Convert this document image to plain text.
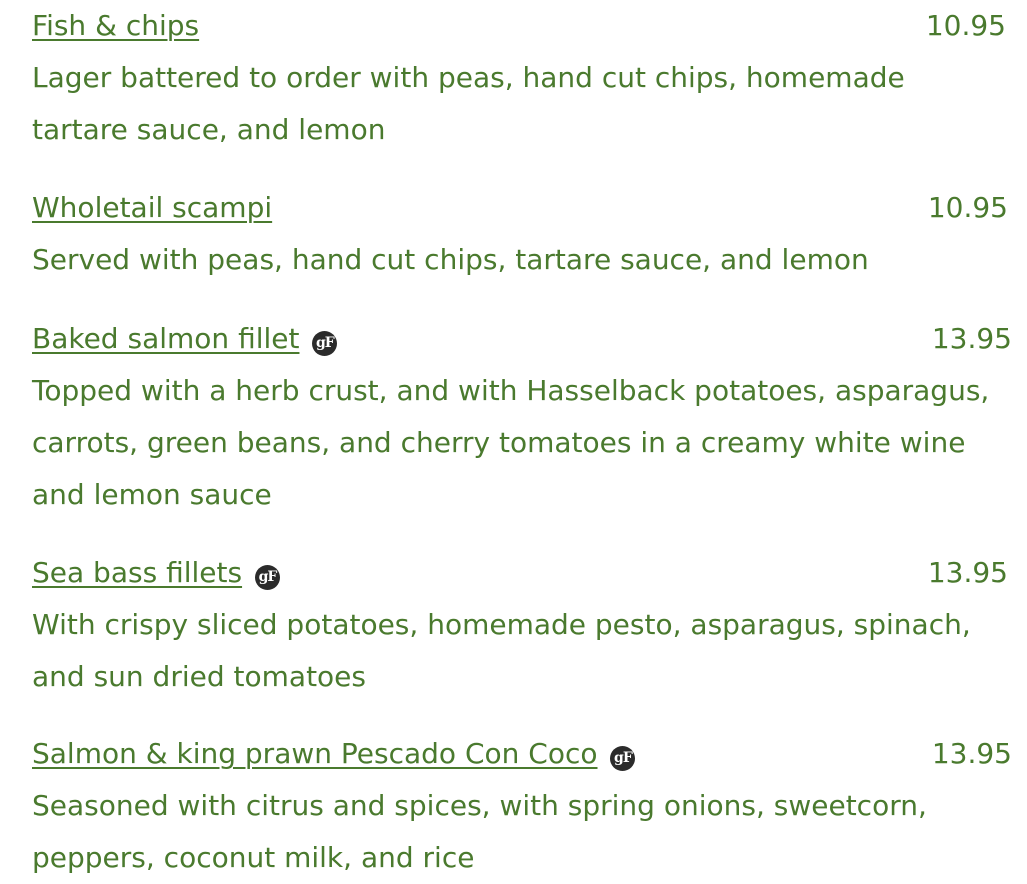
Fish & chips	10.95

Lager battered to order with peas, hand cut chips, homemade tartare sauce, and lemon

Wholetail scampi	10.95

Served with peas, hand cut chips, tartare sauce, and lemon

Baked salmon fillet gF	13.95

Topped with a herb crust, and with Hasselback potatoes, asparagus, carrots, green beans, and cherry tomatoes in a creamy white wine and lemon sauce

Sea bass fillets gF	13.95

With crispy sliced potatoes, homemade pesto, asparagus, spinach, and sun dried tomatoes

Salmon & king prawn Pescado Con Coco gF	13.95

Seasoned with citrus and spices, with spring onions, sweetcorn, peppers, coconut milk, and rice
